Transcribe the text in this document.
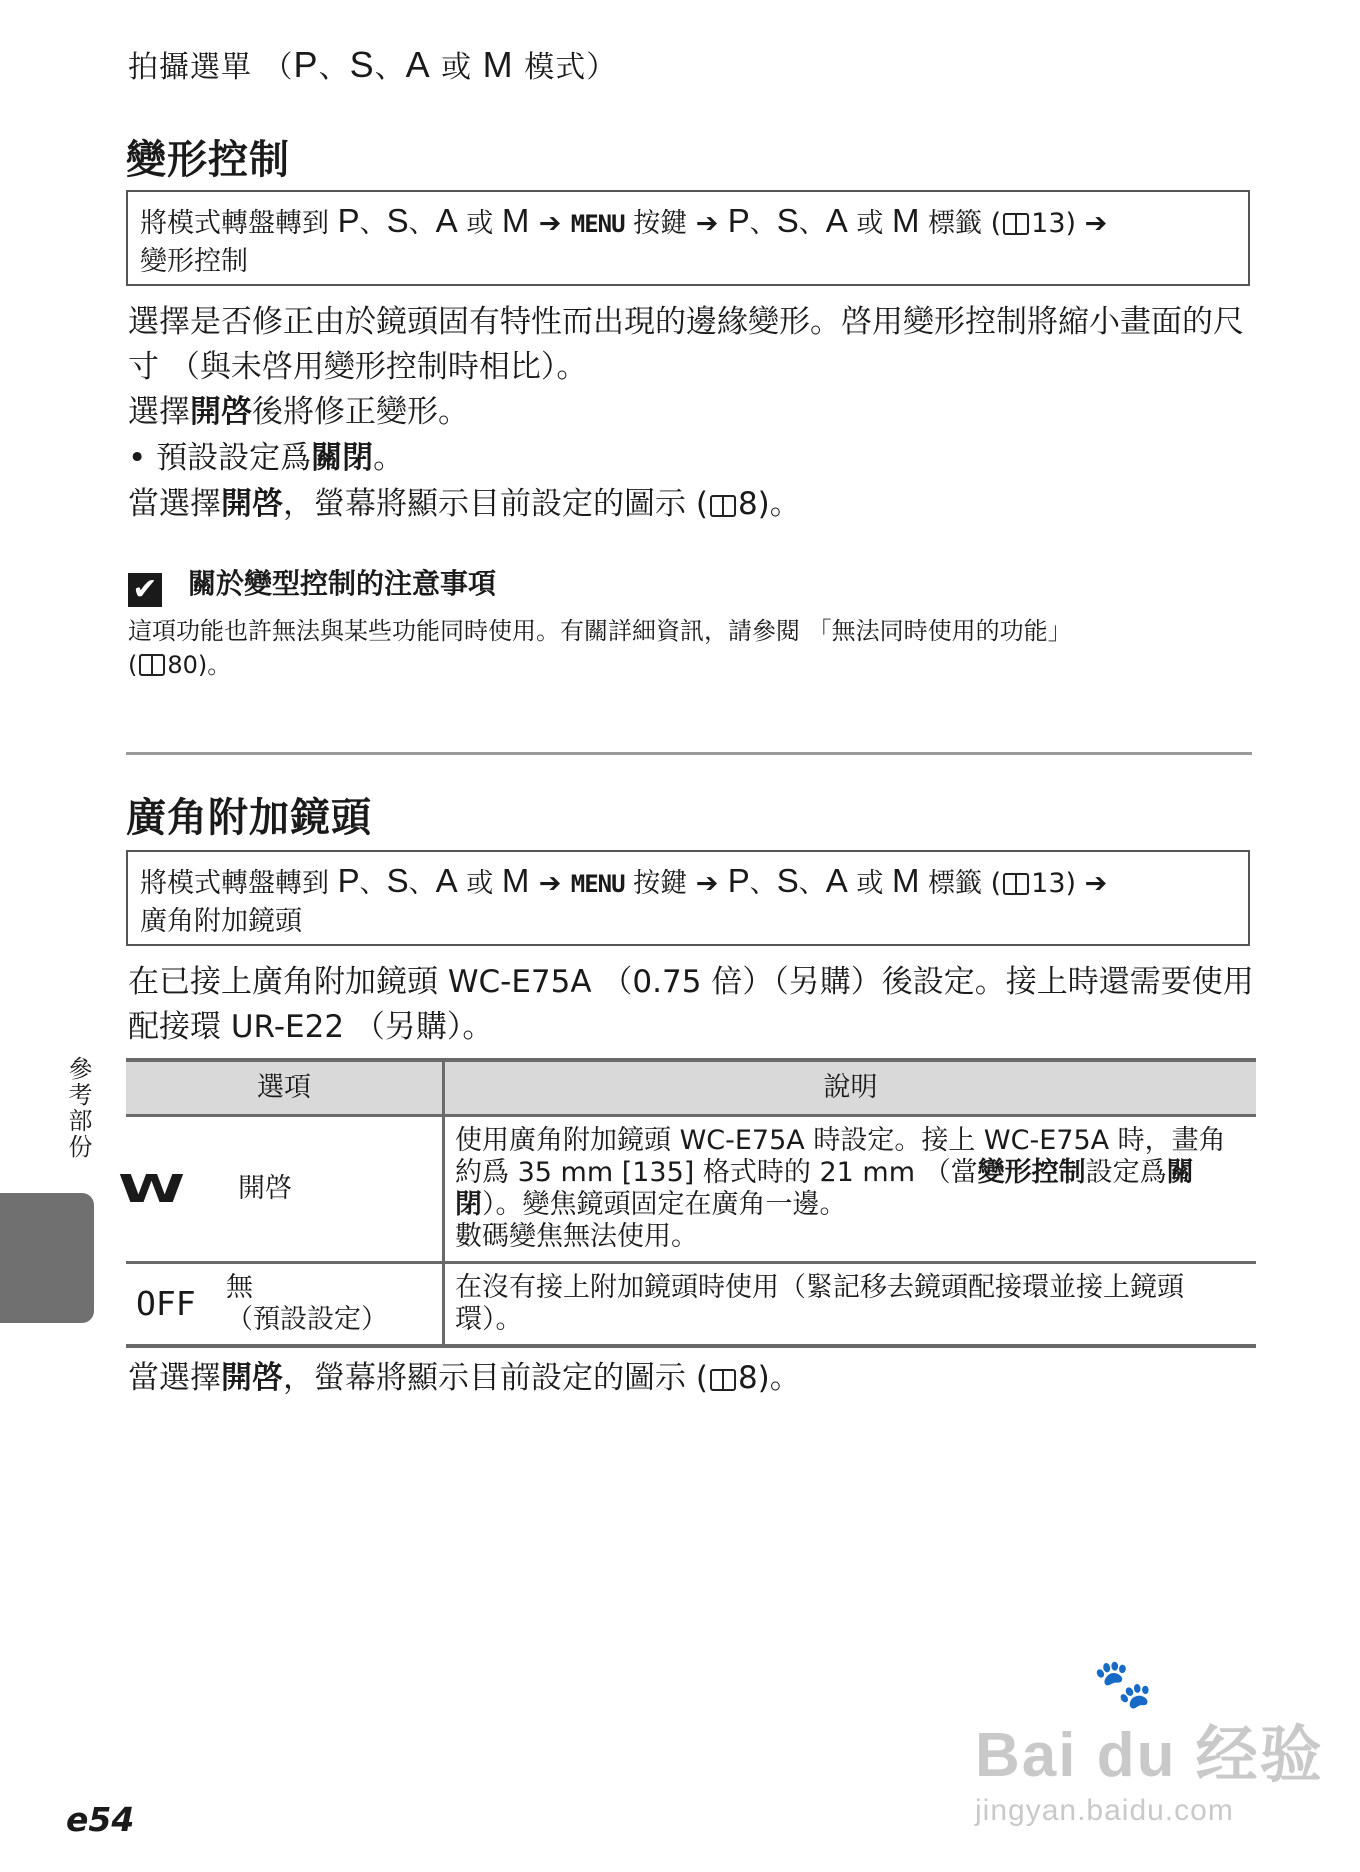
拍攝選單 （P、S、A 或 M 模式）
變形控制
將模式轉盤轉到 P、S、A 或 M ➔ MENU 按鍵 ➔ P、S、A 或 M 標籤 ( 13) ➔
變形控制
選擇是否修正由於鏡頭固有特性而出現的邊緣變形。啓用變形控制將縮小畫面的尺寸 （與未啓用變形控制時相比）。
選擇開啓後將修正變形。
• 預設設定爲關閉。
當選擇開啓，螢幕將顯示目前設定的圖示 ( 8)。
✔ 關於變型控制的注意事項
這項功能也許無法與某些功能同時使用。有關詳細資訊，請參閱 「無法同時使用的功能」
( 80)。
廣角附加鏡頭
將模式轉盤轉到 P、S、A 或 M ➔ MENU 按鍵 ➔ P、S、A 或 M 標籤 ( 13) ➔
廣角附加鏡頭
在已接上廣角附加鏡頭 WC-E75A （0.75 倍）（另購）後設定。接上時還需要使用配接環 UR-E22 （另購）。
選項	說明

W 開啓	使用廣角附加鏡頭 WC-E75A 時設定。接上 WC-E75A 時，畫角約爲 35 mm [135] 格式時的 21 mm （當變形控制設定爲關閉）。變焦鏡頭固定在廣角一邊。
數碼變焦無法使用。

OFF 無
（預設設定）	在沒有接上附加鏡頭時使用（緊記移去鏡頭配接環並接上鏡頭環）。
當選擇開啓，螢幕將顯示目前設定的圖示 ( 8)。
參考部份
e54
🐾
Bai du 经验
jingyan.baidu.com
